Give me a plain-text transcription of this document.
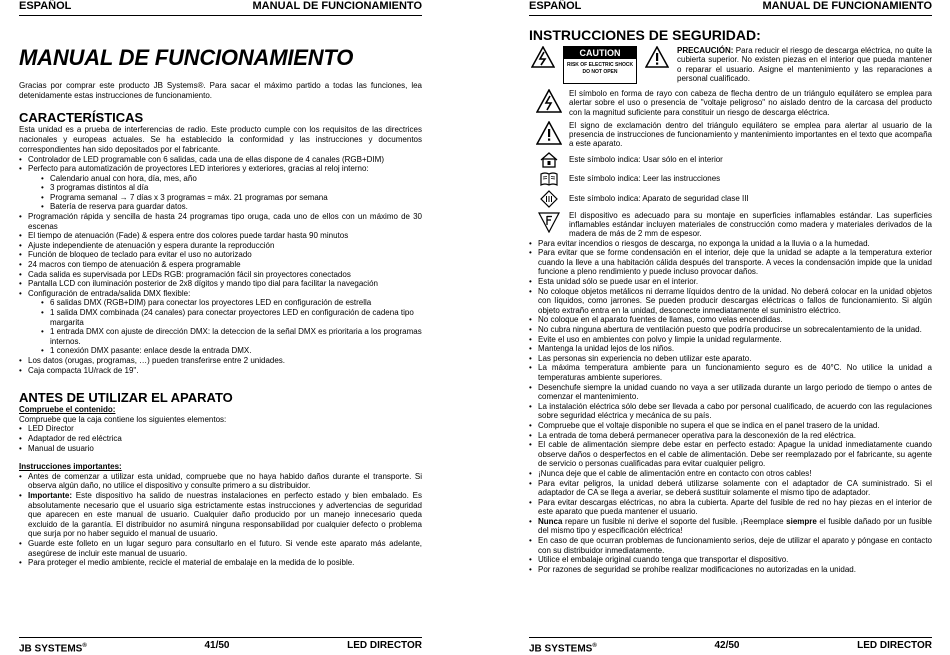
ESPAÑOL	MANUAL DE FUNCIONAMIENTO
MANUAL DE FUNCIONAMIENTO

Gracias por comprar este producto JB Systems®. Para sacar el máximo partido a todas las funciones, lea detenidamente estas instrucciones de funcionamiento.

CARACTERÍSTICAS

Esta unidad es a prueba de interferencias de radio. Este producto cumple con los requisitos de las directrices nacionales y europeas actuales. Se ha establecido la conformidad y las instrucciones y documentos correspondientes han sido depositados por el fabricante.

• Controlador de LED programable con 6 salidas, cada una de ellas dispone de 4 canales (RGB+DIM)
• Perfecto para automatización de proyectores LED interiores y exteriores, gracias al reloj interno:
• Calendario anual con hora, día, mes, año
• 3 programas distintos al día
• Programa semanal → 7 días x 3 programas = máx. 21 programas por semana
• Batería de reserva para guardar datos.
• Programación rápida y sencilla de hasta 24 programas tipo oruga, cada uno de ellos con un máximo de 30 escenas
• El tiempo de atenuación (Fade) & espera entre dos colores puede tardar hasta 90 minutos
• Ajuste independiente de atenuación y espera durante la reproducción
• Función de bloqueo de teclado para evitar el uso no autorizado
• 24 macros con tiempo de atenuación & espera programable
• Cada salida es supervisada por LEDs RGB: programación fácil sin proyectores conectados
• Pantalla LCD con iluminación posterior de 2x8 dígitos y mando tipo dial para facilitar la navegación
• Configuración de entrada/salida DMX flexible:
• 6 salidas DMX (RGB+DIM) para conectar los proyectores LED en configuración de estrella
• 1 salida DMX combinada (24 canales) para conectar proyectores LED en configuración de cadena tipo margarita
• 1 entrada DMX con ajuste de dirección DMX: la deteccion de la señal DMX es prioritaria a los programas internos.
• 1 conexión DMX pasante: enlace desde la entrada DMX.
• Los datos (orugas, programas, …) pueden transferirse entre 2 unidades.
• Caja compacta 1U/rack de 19".
ANTES DE UTILIZAR EL APARATO
Compruebe el contenido:

Compruebe que la caja contiene los siguientes elementos:

• LED Director
• Adaptador de red eléctrica
• Manual de usuario
Instrucciones importantes:
• Antes de comenzar a utilizar esta unidad, compruebe que no haya habido daños durante el transporte. Si observa algún daño, no utilice el dispositivo y consulte primero a su distribuidor.
• Importante: Este dispositivo ha salido de nuestras instalaciones en perfecto estado y bien embalado. Es absolutamente necesario que el usuario siga estrictamente estas instrucciones y advertencias de seguridad que aparecen en este manual de usuario. Cualquier daño producido por un manejo innecesario queda excluido de la garantía. El distribuidor no asumirá ninguna responsabilidad por cualquier defecto o problema que surja por no haber seguido el manual de usuario.
• Guarde este folleto en un lugar seguro para consultarlo en el futuro. Si vende este aparato más adelante, asegúrese de incluir este manual de usuario.
• Para proteger el medio ambiente, recicle el material de embalaje en la medida de lo posible.
JB SYSTEMS®	41/50	LED DIRECTOR
ESPAÑOL	MANUAL DE FUNCIONAMIENTO
INSTRUCCIONES DE SEGURIDAD:
CAUTION
RISK OF ELECTRIC SHOCK
DO NOT OPEN
PRECAUCIÓN: Para reducir el riesgo de descarga eléctrica, no quite la cubierta superior. No existen piezas en el interior que pueda mantener o reparar el usuario. Asigne el mantenimiento y las reparaciones a personal cualificado.
El símbolo en forma de rayo con cabeza de flecha dentro de un triángulo equilátero se emplea para alertar sobre el uso o presencia de "voltaje peligroso" no aislado dentro de la carcasa del producto con la magnitud suficiente para constituir un riesgo de descarga eléctrica.
El signo de exclamación dentro del triángulo equilátero se emplea para alertar al usuario de la presencia de instrucciones de funcionamiento y mantenimiento importantes en el texto que acompaña a este aparato.
Este símbolo indica: Usar sólo en el interior
Este símbolo indica: Leer las instrucciones
Este símbolo indica: Aparato de seguridad clase III
El dispositivo es adecuado para su montaje en superficies inflamables estándar. Las superficies inflamables estándar incluyen materiales de construcción como madera y materiales derivados de la madera de más de 2 mm de espesor.
• Para evitar incendios o riesgos de descarga, no exponga la unidad a la lluvia o a la humedad.
• Para evitar que se forme condensación en el interior, deje que la unidad se adapte a la temperatura exterior cuando la lleve a una habitación cálida después del transporte. A veces la condensación impide que la unidad funcione a pleno rendimiento y puede incluso provocar daños.
• Esta unidad sólo se puede usar en el interior.
• No coloque objetos metálicos ni derrame líquidos dentro de la unidad. No deberá colocar en la unidad objetos con líquidos, como jarrones. Se pueden producir descargas eléctricas o fallos de funcionamiento. Si algún objeto extraño entra en la unidad, desconecte inmediatamente el suministro eléctrico.
• No coloque en el aparato fuentes de llamas, como velas encendidas.
• No cubra ninguna abertura de ventilación puesto que podría producirse un sobrecalentamiento de la unidad.
• Evite el uso en ambientes con polvo y limpie la unidad regularmente.
• Mantenga la unidad lejos de los niños.
• Las personas sin experiencia no deben utilizar este aparato.
• La máxima temperatura ambiente para un funcionamiento seguro es de 40°C. No utilice la unidad a temperaturas ambiente superiores.
• Desenchufe siempre la unidad cuando no vaya a ser utilizada durante un largo periodo de tiempo o antes de comenzar el mantenimiento.
• La instalación eléctrica sólo debe ser llevada a cabo por personal cualificado, de acuerdo con las regulaciones sobre seguridad eléctrica y mecánica de su país.
• Compruebe que el voltaje disponible no supera el que se indica en el panel trasero de la unidad.
• La entrada de toma deberá permanecer operativa para la desconexión de la red eléctrica.
• El cable de alimentación siempre debe estar en perfecto estado: Apague la unidad inmediatamente cuando observe daños o desperfectos en el cable de alimentación. Debe ser reemplazado por el fabricante, su agente de servicio o personas cualificadas para evitar cualquier peligro.
• ¡Nunca deje que el cable de alimentación entre en contacto con otros cables!
• Para evitar peligros, la unidad deberá utilizarse solamente con el adaptador de CA suministrado. Si el adaptador de CA se llega a averiar, se deberá sustituir solamente el mismo tipo de adaptador.
• Para evitar descargas eléctricas, no abra la cubierta. Aparte del fusible de red no hay piezas en el interior de este aparato que pueda mantener el usuario.
• Nunca repare un fusible ni derive el soporte del fusible. ¡Reemplace siempre el fusible dañado por un fusible del mismo tipo y especificación eléctrica!
• En caso de que ocurran problemas de funcionamiento serios, deje de utilizar el aparato y póngase en contacto con su distribuidor inmediatamente.
• Utilice el embalaje original cuando tenga que transportar el dispositivo.
• Por razones de seguridad se prohíbe realizar modificaciones no autorizadas en la unidad.
JB SYSTEMS®	42/50	LED DIRECTOR
